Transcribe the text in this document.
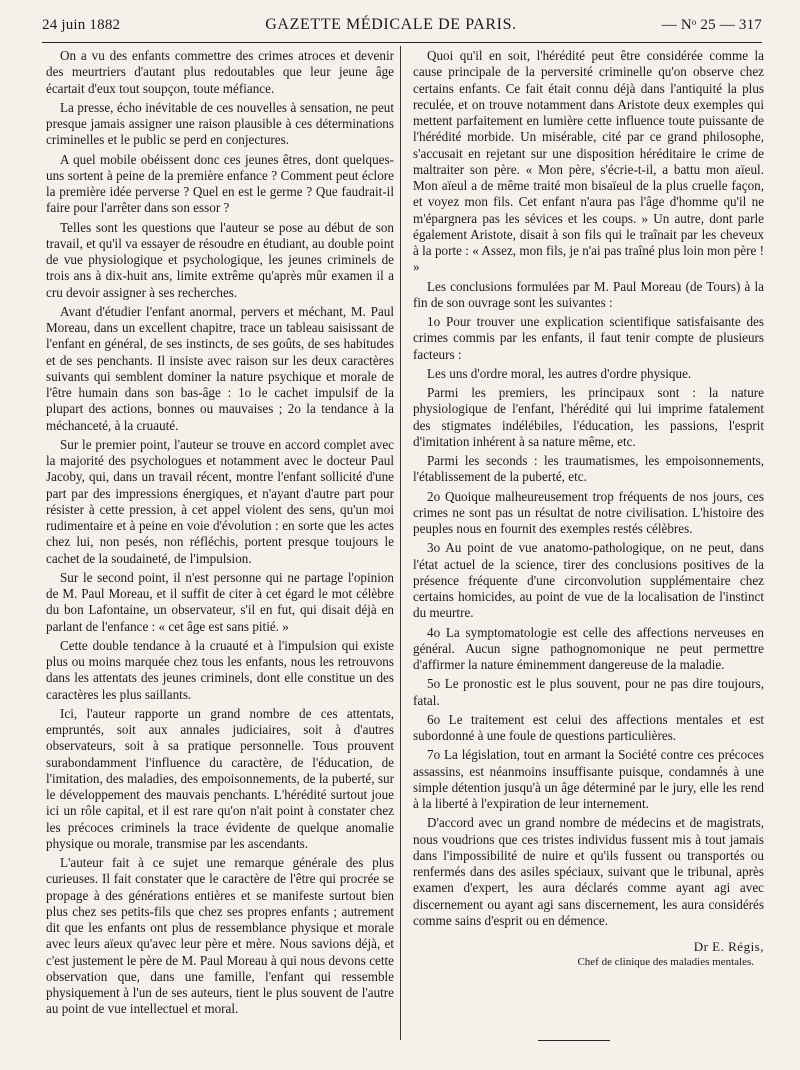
24 juin 1882	GAZETTE MÉDICALE DE PARIS.	— Nᵒ 25 — 317

On a vu des enfants commettre des crimes atroces et devenir des meurtriers d'autant plus redoutables que leur jeune âge écartait d'eux tout soupçon, toute méfiance.

La presse, écho inévitable de ces nouvelles à sensation, ne peut presque jamais assigner une raison plausible à ces déterminations criminelles et le public se perd en conjectures.

A quel mobile obéissent donc ces jeunes êtres, dont quelques-uns sortent à peine de la première enfance ? Comment peut éclore la première idée perverse ? Quel en est le germe ? Que faudrait-il faire pour l'arrêter dans son essor ?

Telles sont les questions que l'auteur se pose au début de son travail, et qu'il va essayer de résoudre en étudiant, au double point de vue physiologique et psychologique, les jeunes criminels de trois ans à dix-huit ans, limite extrême qu'après mûr examen il a cru devoir assigner à ses recherches.

Avant d'étudier l'enfant anormal, pervers et méchant, M. Paul Moreau, dans un excellent chapitre, trace un tableau saisissant de l'enfant en général, de ses instincts, de ses goûts, de ses habitudes et de ses penchants. Il insiste avec raison sur les deux caractères suivants qui semblent dominer la nature psychique et morale de l'être humain dans son bas-âge : 1o le cachet impulsif de la plupart des actions, bonnes ou mauvaises ; 2o la tendance à la méchanceté, à la cruauté.

Sur le premier point, l'auteur se trouve en accord complet avec la majorité des psychologues et notamment avec le docteur Paul Jacoby, qui, dans un travail récent, montre l'enfant sollicité d'une part par des impressions énergiques, et n'ayant d'autre part pour résister à cette pression, à cet appel violent des sens, qu'un moi rudimentaire et à peine en voie d'évolution : en sorte que les actes chez lui, non pesés, non réfléchis, portent presque toujours le cachet de la soudaineté, de l'impulsion.

Sur le second point, il n'est personne qui ne partage l'opinion de M. Paul Moreau, et il suffit de citer à cet égard le mot célèbre du bon Lafontaine, un observateur, s'il en fut, qui disait déjà en parlant de l'enfance : « cet âge est sans pitié. »

Cette double tendance à la cruauté et à l'impulsion qui existe plus ou moins marquée chez tous les enfants, nous les retrouvons dans les attentats des jeunes criminels, dont elle constitue un des caractères les plus saillants.

Ici, l'auteur rapporte un grand nombre de ces attentats, empruntés, soit aux annales judiciaires, soit à d'autres observateurs, soit à sa pratique personnelle. Tous prouvent surabondamment l'influence du caractère, de l'éducation, de l'imitation, des maladies, des empoisonnements, de la puberté, sur le développement des mauvais penchants. L'hérédité surtout joue ici un rôle capital, et il est rare qu'on n'ait point à constater chez les précoces criminels la trace évidente de quelque anomalie physique ou morale, transmise par les ascendants.

L'auteur fait à ce sujet une remarque générale des plus curieuses. Il fait constater que le caractère de l'être qui procrée se propage à des générations entières et se manifeste surtout bien plus chez ses petits-fils que chez ses propres enfants ; autrement dit que les enfants ont plus de ressemblance physique et morale avec leurs aïeux qu'avec leur père et mère. Nous savions déjà, et c'est justement le père de M. Paul Moreau à qui nous devons cette observation que, dans une famille, l'enfant qui ressemble physiquement à l'un de ses auteurs, tient le plus souvent de l'autre au point de vue intellectuel et moral.

Quoi qu'il en soit, l'hérédité peut être considérée comme la cause principale de la perversité criminelle qu'on observe chez certains enfants. Ce fait était connu déjà dans l'antiquité la plus reculée, et on trouve notamment dans Aristote deux exemples qui mettent parfaitement en lumière cette influence toute puissante de l'hérédité morbide. Un misérable, cité par ce grand philosophe, s'accusait en rejetant sur une disposition héréditaire le crime de maltraiter son père. « Mon père, s'écrie-t-il, a battu mon aïeul. Mon aïeul a de même traité mon bisaïeul de la plus cruelle façon, et voyez mon fils. Cet enfant n'aura pas l'âge d'homme qu'il ne m'épargnera pas les sévices et les coups. » Un autre, dont parle également Aristote, disait à son fils qui le traînait par les cheveux à la porte : « Assez, mon fils, je n'ai pas traîné plus loin mon père ! »

Les conclusions formulées par M. Paul Moreau (de Tours) à la fin de son ouvrage sont les suivantes :

1o Pour trouver une explication scientifique satisfaisante des crimes commis par les enfants, il faut tenir compte de plusieurs facteurs :

Les uns d'ordre moral, les autres d'ordre physique.

Parmi les premiers, les principaux sont : la nature physiologique de l'enfant, l'hérédité qui lui imprime fatalement des stigmates indélébiles, l'éducation, les passions, l'esprit d'imitation inhérent à sa nature même, etc.

Parmi les seconds : les traumatismes, les empoisonnements, l'établissement de la puberté, etc.

2o Quoique malheureusement trop fréquents de nos jours, ces crimes ne sont pas un résultat de notre civilisation. L'histoire des peuples nous en fournit des exemples restés célèbres.

3o Au point de vue anatomo-pathologique, on ne peut, dans l'état actuel de la science, tirer des conclusions positives de la présence fréquente d'une circonvolution supplémentaire chez certains homicides, au point de vue de la localisation de l'instinct du meurtre.

4o La symptomatologie est celle des affections nerveuses en général. Aucun signe pathognomonique ne peut permettre d'affirmer la nature éminemment dangereuse de la maladie.

5o Le pronostic est le plus souvent, pour ne pas dire toujours, fatal.

6o Le traitement est celui des affections mentales et est subordonné à une foule de questions particulières.

7o La législation, tout en armant la Société contre ces précoces assassins, est néanmoins insuffisante puisque, condamnés à une simple détention jusqu'à un âge déterminé par le jury, elle les rend à la liberté à l'expiration de leur internement.

D'accord avec un grand nombre de médecins et de magistrats, nous voudrions que ces tristes individus fussent mis à tout jamais dans l'impossibilité de nuire et qu'ils fussent ou transportés ou renfermés dans des asiles spéciaux, suivant que le tribunal, après examen d'expert, les aura déclarés comme ayant agi avec discernement ou ayant agi sans discernement, les aura considérés comme sains d'esprit ou en démence.

Dr E. Régis,
Chef de clinique des maladies mentales.
